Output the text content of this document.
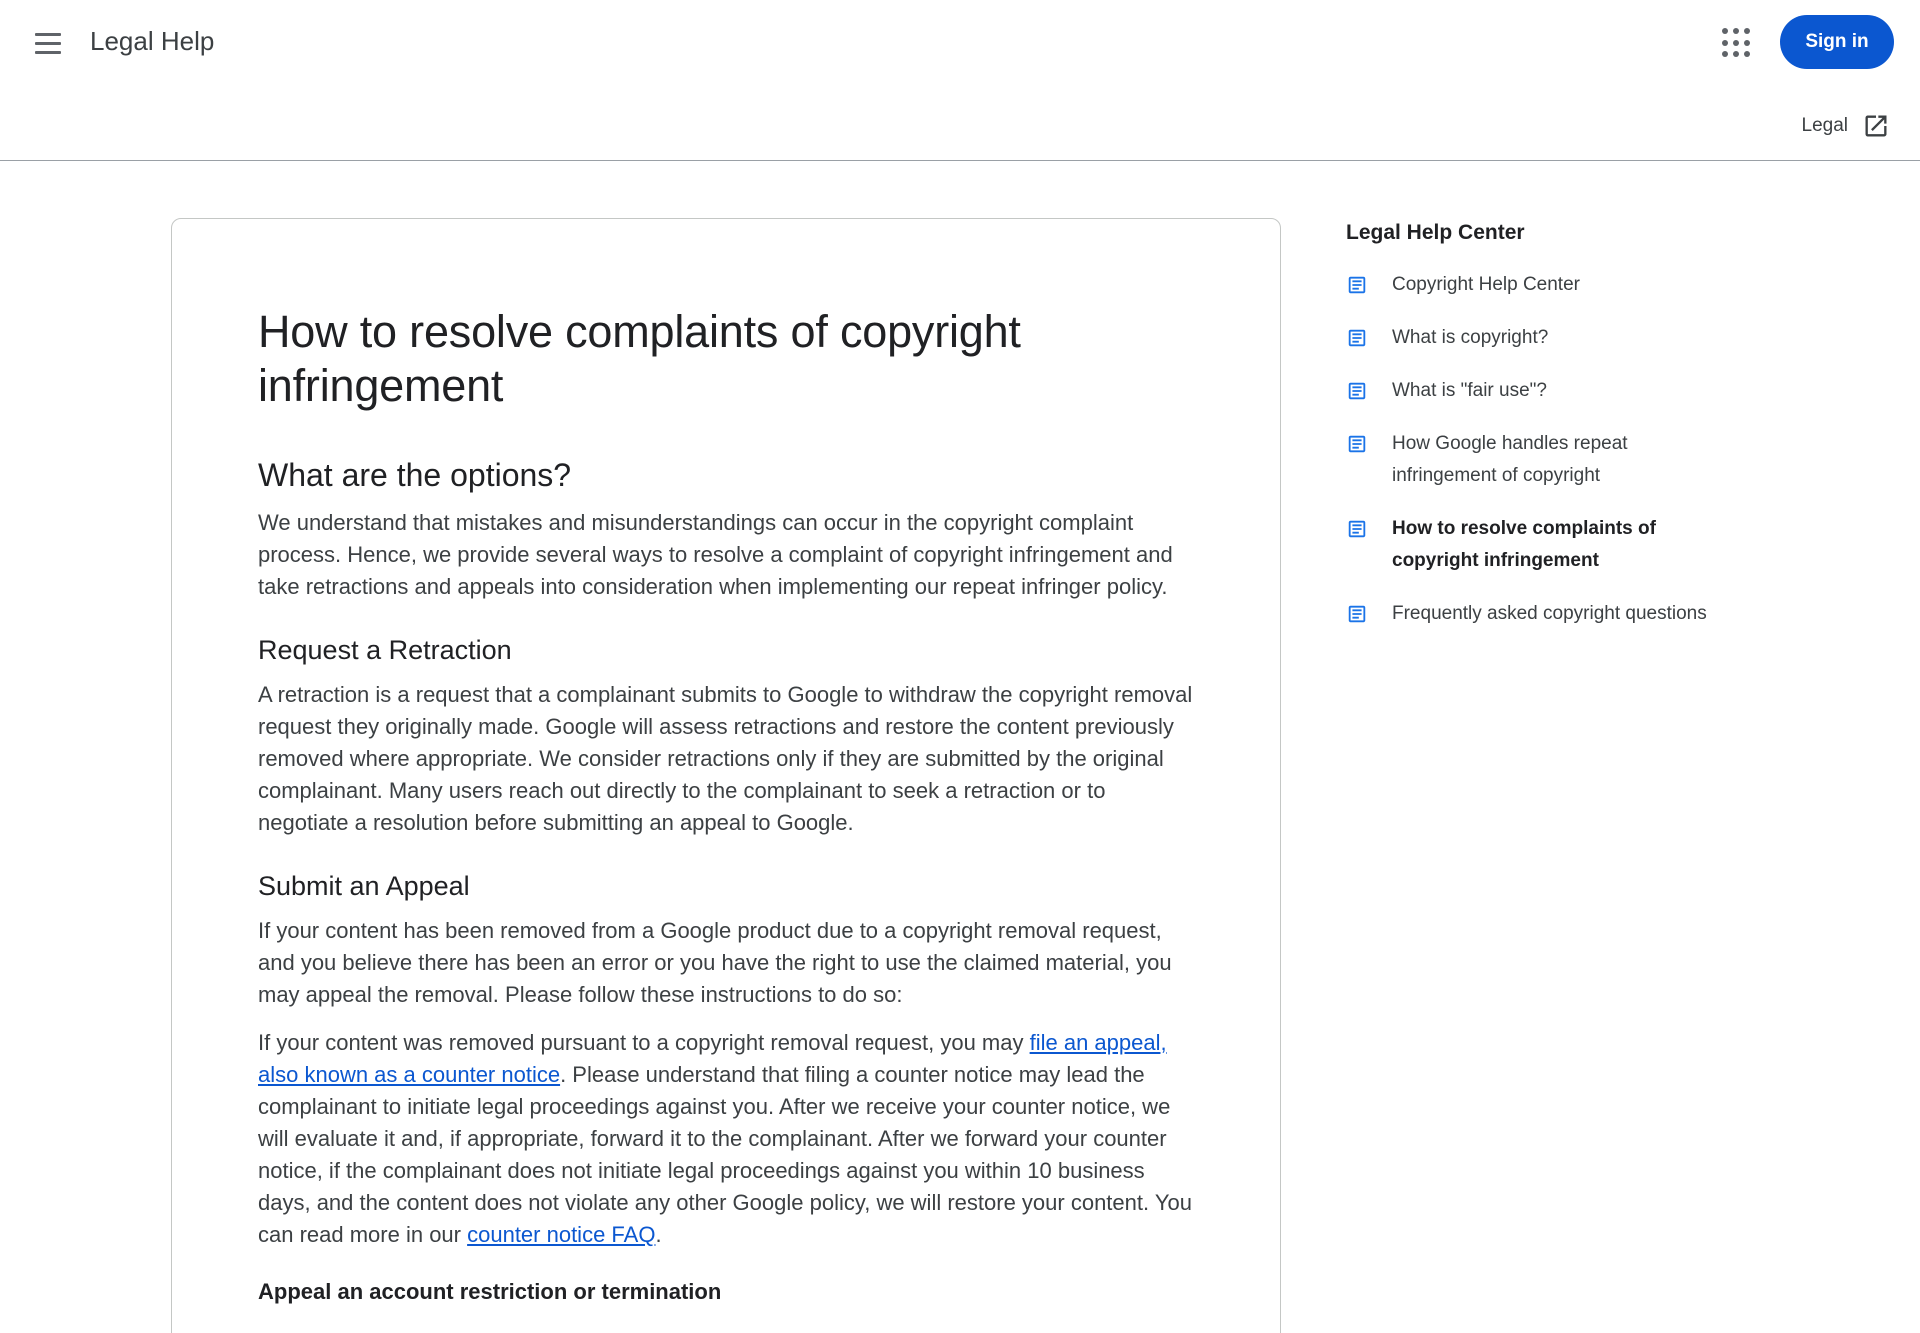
Legal Help	Sign in
Legal
How to resolve complaints of copyright infringement
What are the options?

We understand that mistakes and misunderstandings can occur in the copyright complaint process. Hence, we provide several ways to resolve a complaint of copyright infringement and take retractions and appeals into consideration when implementing our repeat infringer policy.

Request a Retraction

A retraction is a request that a complainant submits to Google to withdraw the copyright removal request they originally made. Google will assess retractions and restore the content previously removed where appropriate. We consider retractions only if they are submitted by the original complainant. Many users reach out directly to the complainant to seek a retraction or to negotiate a resolution before submitting an appeal to Google.

Submit an Appeal

If your content has been removed from a Google product due to a copyright removal request, and you believe there has been an error or you have the right to use the claimed material, you may appeal the removal. Please follow these instructions to do so:

If your content was removed pursuant to a copyright removal request, you may file an appeal, also known as a counter notice. Please understand that filing a counter notice may lead the complainant to initiate legal proceedings against you. After we receive your counter notice, we will evaluate it and, if appropriate, forward it to the complainant. After we forward your counter notice, if the complainant does not initiate legal proceedings against you within 10 business days, and the content does not violate any other Google policy, we will restore your content. You can read more in our counter notice FAQ.

Appeal an account restriction or termination
Legal Help Center
Copyright Help Center
What is copyright?
What is "fair use"?
How Google handles repeat infringement of copyright
How to resolve complaints of copyright infringement
Frequently asked copyright questions
